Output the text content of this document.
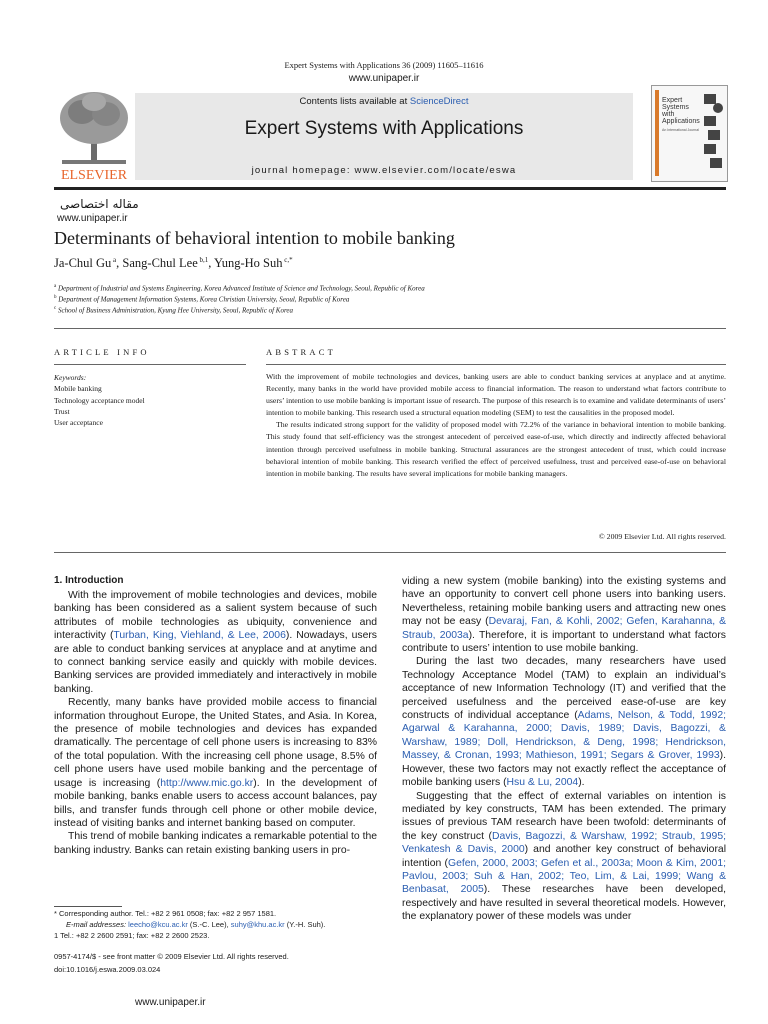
Expert Systems with Applications 36 (2009) 11605–11616
www.unipaper.ir
ELSEVIER
Contents lists available at ScienceDirect
Expert Systems with Applications
journal homepage: www.elsevier.com/locate/eswa
Expert
Systems
with
Applications
An International Journal
مقاله اختصاصی
www.unipaper.ir
Determinants of behavioral intention to mobile banking
Ja-Chul Gu $^a$, Sang-Chul Lee $^{b,1}$, Yung-Ho Suh $^{c,*}$
$^a$ Department of Industrial and Systems Engineering, Korea Advanced Institute of Science and Technology, Seoul, Republic of Korea
$^b$ Department of Management Information Systems, Korea Christian University, Seoul, Republic of Korea
$^c$ School of Business Administration, Kyung Hee University, Seoul, Republic of Korea
ARTICLE INFO
Keywords:
Mobile banking
Technology acceptance model
Trust
User acceptance
ABSTRACT

With the improvement of mobile technologies and devices, banking users are able to conduct banking services at anyplace and at anytime. Recently, many banks in the world have provided mobile access to financial information. The reason to understand what factors contribute to users’ intention to use mobile banking is important issue of research. The purpose of this research is to examine and validate determinants of users’ intention to mobile banking. This research used a structural equation modeling (SEM) to test the causalities in the proposed model.

The results indicated strong support for the validity of proposed model with 72.2% of the variance in behavioral intention to mobile banking. This study found that self-efficiency was the strongest antecedent of perceived ease-of-use, which directly and indirectly affected behavioral intention through perceived usefulness in mobile banking. Structural assurances are the strongest antecedent of trust, which could increase behavioral intention of mobile banking. This research verified the effect of perceived usefulness, trust and perceived ease-of-use on behavioral intention in mobile banking. The results have several implications for mobile banking managers.

© 2009 Elsevier Ltd. All rights reserved.
1. Introduction

With the improvement of mobile technologies and devices, mobile banking has been considered as a salient system because of such attributes of mobile technologies as ubiquity, convenience and interactivity (Turban, King, Viehland, & Lee, 2006). Nowadays, users are able to conduct banking services at anyplace and at anytime and to connect banking service easily and quickly with mobile devices. Banking services are provided immediately and interactively in mobile banking.

Recently, many banks have provided mobile access to financial information throughout Europe, the United States, and Asia. In Korea, the presence of mobile technologies and devices has expanded dramatically. The percentage of cell phone users is increasing to 83% of the total population. With the increasing cell phone usage, 8.5% of cell phone users have used mobile banking and the percentage of usage is increasing (http://www.mic.go.kr). In the development of mobile banking, banks enable users to access account balances, pay bills, and transfer funds through cell phone or other mobile device, instead of visiting banks and internet banking based on computer.

This trend of mobile banking indicates a remarkable potential to the banking industry. Banks can retain existing banking users in pro-

viding a new system (mobile banking) into the existing systems and have an opportunity to convert cell phone users into banking users. Nevertheless, retaining mobile banking users and attracting new ones may not be easy (Devaraj, Fan, & Kohli, 2002; Gefen, Karahanna, & Straub, 2003a). Therefore, it is important to understand what factors contribute to users’ intention to use mobile banking.

During the last two decades, many researchers have used Technology Acceptance Model (TAM) to explain an individual’s acceptance of new Information Technology (IT) and verified that the perceived usefulness and the perceived ease-of-use are key constructs of individual acceptance (Adams, Nelson, & Todd, 1992; Agarwal & Karahanna, 2000; Davis, 1989; Davis, Bagozzi, & Warshaw, 1989; Doll, Hendrickson, & Deng, 1998; Hendrickson, Massey, & Cronan, 1993; Mathieson, 1991; Segars & Grover, 1993). However, these two factors may not exactly reflect the acceptance of mobile banking users (Hsu & Lu, 2004).

Suggesting that the effect of external variables on intention is mediated by key constructs, TAM has been extended. The primary issues of previous TAM research have been twofold: determinants of the key construct (Davis, Bagozzi, & Warshaw, 1992; Straub, 1995; Venkatesh & Davis, 2000) and another key construct of behavioral intention (Gefen, 2000, 2003; Gefen et al., 2003a; Moon & Kim, 2001; Pavlou, 2003; Suh & Han, 2002; Teo, Lim, & Lai, 1999; Wang & Benbasat, 2005). These researches have been developed, respectively and have resulted in several theoretical models. However, the explanatory power of these models was under

* Corresponding author. Tel.: +82 2 961 0508; fax: +82 2 957 1581.
E-mail addresses: leecho@kcu.ac.kr (S.-C. Lee), suhy@khu.ac.kr (Y.-H. Suh).
1 Tel.: +82 2 2600 2591; fax: +82 2 2600 2523.
0957-4174/$ - see front matter © 2009 Elsevier Ltd. All rights reserved.
doi:10.1016/j.eswa.2009.03.024
www.unipaper.ir
